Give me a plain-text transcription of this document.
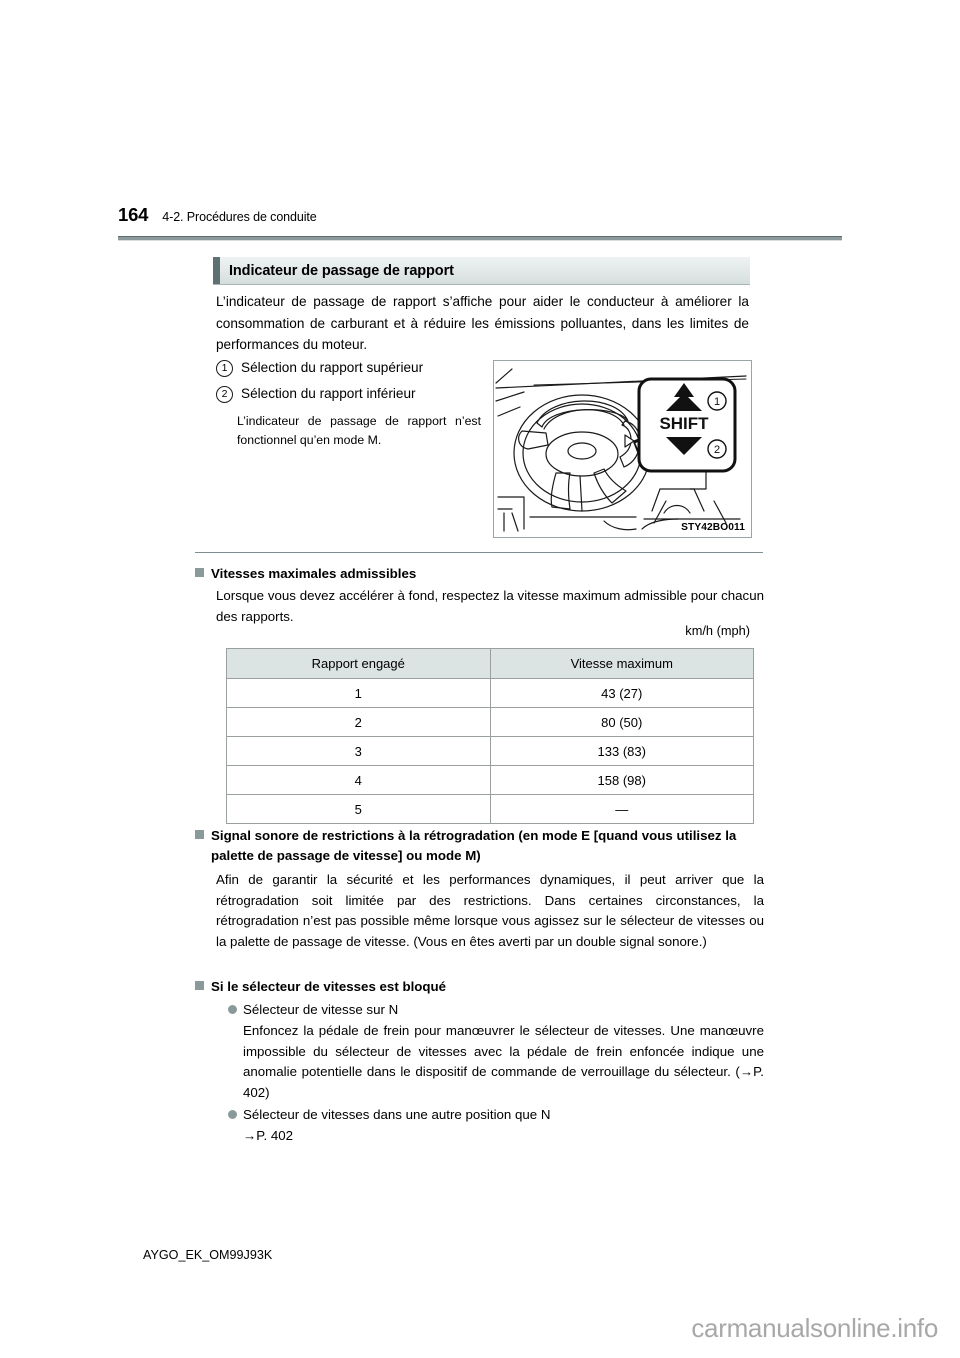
164 4-2. Procédures de conduite
Indicateur de passage de rapport
L’indicateur de passage de rapport s’affiche pour aider le conducteur à améliorer la consommation de carburant et à réduire les émissions polluantes, dans les limites de performances du moteur.
1 Sélection du rapport supérieur
2 Sélection du rapport inférieur
L’indicateur de passage de rapport n’est fonctionnel qu’en mode M.
1
2
SHIFT
STY42BO011
Vitesses maximales admissibles
Lorsque vous devez accélérer à fond, respectez la vitesse maximum admissible pour chacun des rapports.
km/h (mph)
Rapport engagé	Vitesse maximum
1	43 (27)
2	80 (50)
3	133 (83)
4	158 (98)
5	—
Signal sonore de restrictions à la rétrogradation (en mode E [quand vous utilisez la palette de passage de vitesse] ou mode M)
Afin de garantir la sécurité et les performances dynamiques, il peut arriver que la rétrogradation soit limitée par des restrictions. Dans certaines circonstances, la rétrogradation n’est pas possible même lorsque vous agissez sur le sélecteur de vitesses ou la palette de passage de vitesse. (Vous en êtes averti par un double signal sonore.)
Si le sélecteur de vitesses est bloqué
Sélecteur de vitesse sur N
Enfoncez la pédale de frein pour manœuvrer le sélecteur de vitesses. Une manœuvre impossible du sélecteur de vitesses avec la pédale de frein enfoncée indique une anomalie potentielle dans le dispositif de commande de verrouillage du sélecteur. (→P. 402)
Sélecteur de vitesses dans une autre position que N
→P. 402
AYGO_EK_OM99J93K
carmanualsonline.info
